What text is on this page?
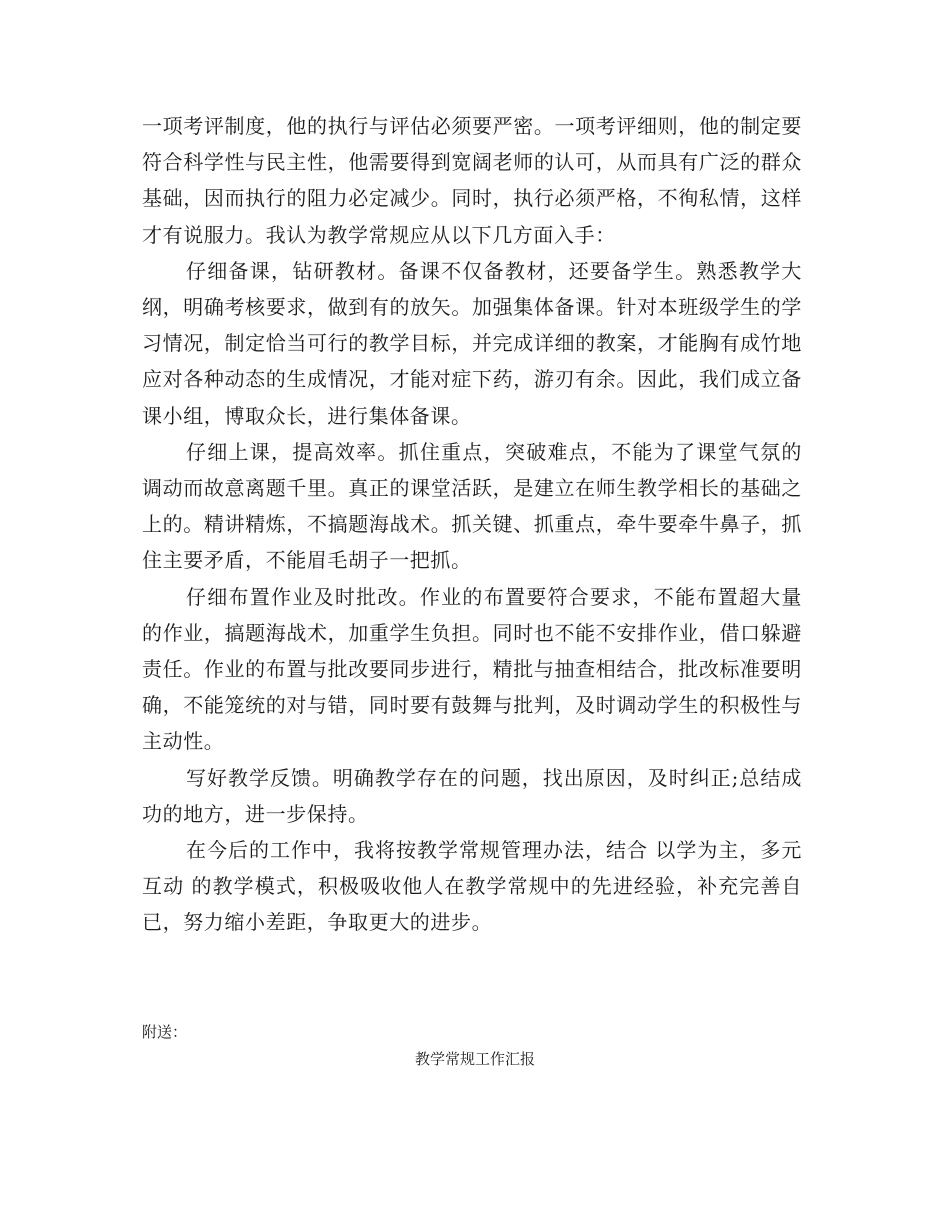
一项考评制度，他的执行与评估必须要严密。一项考评细则，他的制定要符合科学性与民主性，他需要得到宽阔老师的认可，从而具有广泛的群众基础，因而执行的阻力必定减少。同时，执行必须严格，不徇私情，这样才有说服力。我认为教学常规应从以下几方面入手：

仔细备课，钻研教材。备课不仅备教材，还要备学生。熟悉教学大纲，明确考核要求，做到有的放矢。加强集体备课。针对本班级学生的学习情况，制定恰当可行的教学目标，并完成详细的教案，才能胸有成竹地应对各种动态的生成情况，才能对症下药，游刃有余。因此，我们成立备课小组，博取众长，进行集体备课。

仔细上课，提高效率。抓住重点，突破难点，不能为了课堂气氛的调动而故意离题千里。真正的课堂活跃，是建立在师生教学相长的基础之上的。精讲精炼，不搞题海战术。抓关键、抓重点，牵牛要牵牛鼻子，抓住主要矛盾，不能眉毛胡子一把抓。

仔细布置作业及时批改。作业的布置要符合要求，不能布置超大量的作业，搞题海战术，加重学生负担。同时也不能不安排作业，借口躲避责任。作业的布置与批改要同步进行，精批与抽查相结合，批改标准要明确，不能笼统的对与错，同时要有鼓舞与批判，及时调动学生的积极性与主动性。

写好教学反馈。明确教学存在的问题，找出原因，及时纠正;总结成功的地方，进一步保持。

在今后的工作中，我将按教学常规管理办法，结合 以学为主，多元互动 的教学模式，积极吸收他人在教学常规中的先进经验，补充完善自已，努力缩小差距，争取更大的进步。

附送：

教学常规工作汇报
